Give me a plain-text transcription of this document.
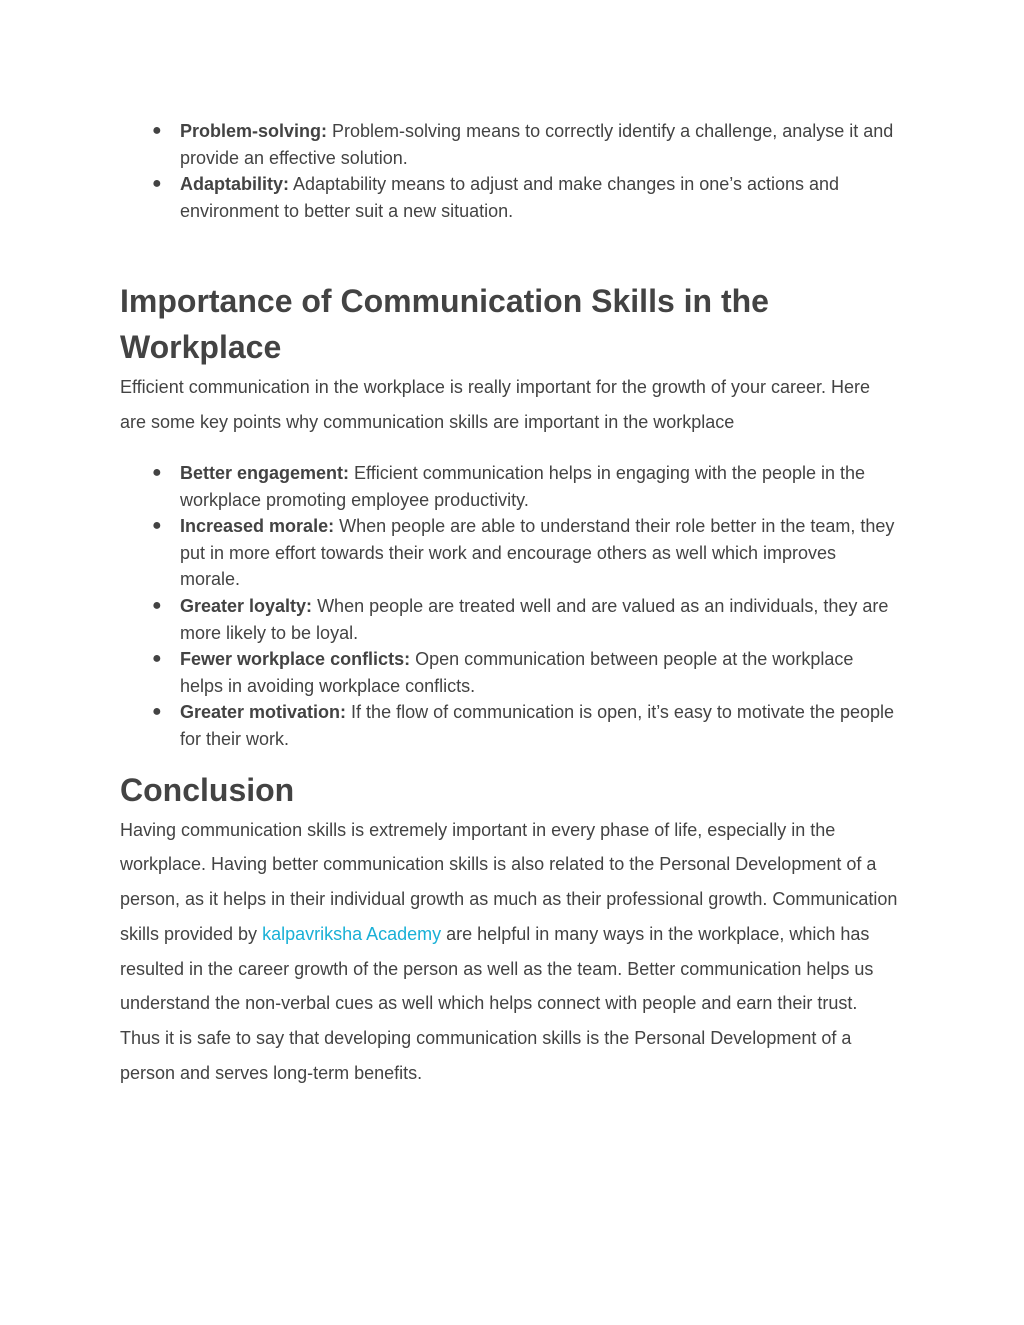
● Problem-solving: Problem-solving means to correctly identify a challenge, analyse it and provide an effective solution.
● Adaptability: Adaptability means to adjust and make changes in one’s actions and environment to better suit a new situation.
Importance of Communication Skills in the Workplace

Efficient communication in the workplace is really important for the growth of your career. Here are some key points why communication skills are important in the workplace

● Better engagement: Efficient communication helps in engaging with the people in the workplace promoting employee productivity.
● Increased morale: When people are able to understand their role better in the team, they put in more effort towards their work and encourage others as well which improves morale.
● Greater loyalty: When people are treated well and are valued as an individuals, they are more likely to be loyal.
● Fewer workplace conflicts: Open communication between people at the workplace helps in avoiding workplace conflicts.
● Greater motivation: If the flow of communication is open, it’s easy to motivate the people for their work.
Conclusion

Having communication skills is extremely important in every phase of life, especially in the workplace. Having better communication skills is also related to the Personal Development of a person, as it helps in their individual growth as much as their professional growth. Communication skills provided by kalpavriksha Academy are helpful in many ways in the workplace, which has resulted in the career growth of the person as well as the team. Better communication helps us understand the non-verbal cues as well which helps connect with people and earn their trust. Thus it is safe to say that developing communication skills is the Personal Development of a person and serves long-term benefits.
